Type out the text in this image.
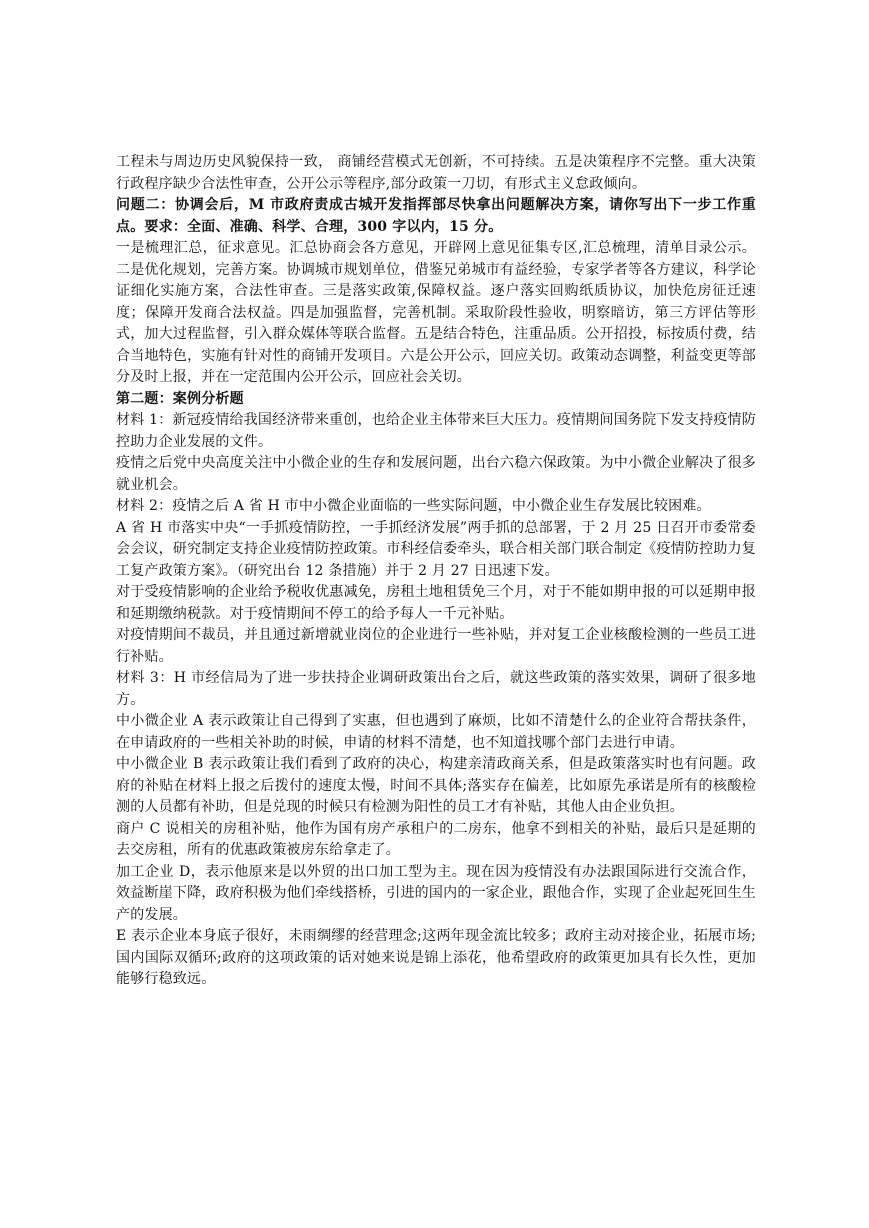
工程未与周边历史风貌保持一致， 商铺经营模式无创新，不可持续。五是决策程序不完整。重大决策行政程序缺少合法性审查，公开公示等程序,部分政策一刀切，有形式主义怠政倾向。

问题二：协调会后，M 市政府责成古城开发指挥部尽快拿出问题解决方案，请你写出下一步工作重点。要求：全面、准确、科学、合理，300 字以内，15 分。

一是梳理汇总，征求意见。汇总协商会各方意见，开辟网上意见征集专区,汇总梳理，清单目录公示。二是优化规划，完善方案。协调城市规划单位，借鉴兄弟城市有益经验，专家学者等各方建议，科学论证细化实施方案，合法性审查。三是落实政策,保障权益。逐户落实回购纸质协议，加快危房征迁速度；保障开发商合法权益。四是加强监督，完善机制。采取阶段性验收，明察暗访，第三方评估等形式，加大过程监督，引入群众媒体等联合监督。五是结合特色，注重品质。公开招投，标按质付费，结合当地特色，实施有针对性的商铺开发项目。六是公开公示，回应关切。政策动态调整，利益变更等部分及时上报，并在一定范围内公开公示，回应社会关切。

第二题：案例分析题

材料 1：新冠疫情给我国经济带来重创，也给企业主体带来巨大压力。疫情期间国务院下发支持疫情防控助力企业发展的文件。

疫情之后党中央高度关注中小微企业的生存和发展问题，出台六稳六保政策。为中小微企业解决了很多就业机会。

材料 2：疫情之后 A 省 H 市中小微企业面临的一些实际问题，中小微企业生存发展比较困难。

A 省 H 市落实中央“一手抓疫情防控，一手抓经济发展”两手抓的总部署，于 2 月 25 日召开市委常委会会议，研究制定支持企业疫情防控政策。市科经信委牵头，联合相关部门联合制定《疫情防控助力复工复产政策方案》。（研究出台 12 条措施）并于 2 月 27 日迅速下发。

对于受疫情影响的企业给予税收优惠减免，房租土地租赁免三个月，对于不能如期申报的可以延期申报和延期缴纳税款。对于疫情期间不停工的给予每人一千元补贴。

对疫情期间不裁员，并且通过新增就业岗位的企业进行一些补贴，并对复工企业核酸检测的一些员工进行补贴。

材料 3：H 市经信局为了进一步扶持企业调研政策出台之后，就这些政策的落实效果，调研了很多地方。

中小微企业 A 表示政策让自己得到了实惠，但也遇到了麻烦，比如不清楚什么的企业符合帮扶条件，在申请政府的一些相关补助的时候，申请的材料不清楚，也不知道找哪个部门去进行申请。

中小微企业 B 表示政策让我们看到了政府的决心，构建亲清政商关系，但是政策落实时也有问题。政府的补贴在材料上报之后拨付的速度太慢，时间不具体;落实存在偏差，比如原先承诺是所有的核酸检测的人员都有补助，但是兑现的时候只有检测为阳性的员工才有补贴，其他人由企业负担。

商户 C 说相关的房租补贴，他作为国有房产承租户的二房东，他拿不到相关的补贴，最后只是延期的去交房租，所有的优惠政策被房东给拿走了。

加工企业 D，表示他原来是以外贸的出口加工型为主。现在因为疫情没有办法跟国际进行交流合作，效益断崖下降，政府积极为他们牵线搭桥，引进的国内的一家企业，跟他合作，实现了企业起死回生生产的发展。

E 表示企业本身底子很好，未雨绸缪的经营理念;这两年现金流比较多；政府主动对接企业，拓展市场;国内国际双循环;政府的这项政策的话对她来说是锦上添花，他希望政府的政策更加具有长久性，更加能够行稳致远。
